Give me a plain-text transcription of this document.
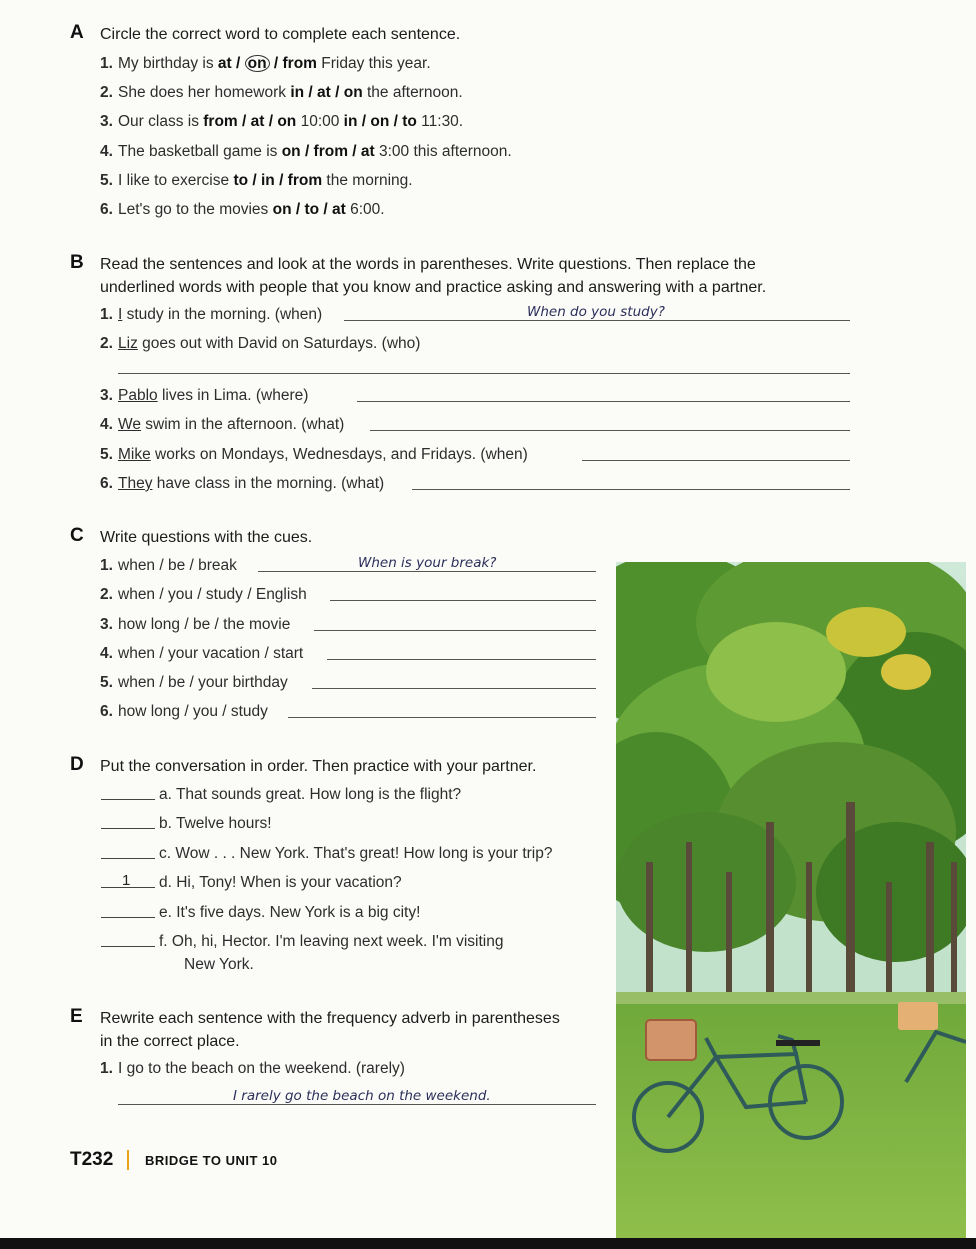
A Circle the correct word to complete each sentence.
1. My birthday is at / on / from Friday this year.
2. She does her homework in / at / on the afternoon.
3. Our class is from / at / on 10:00 in / on / to 11:30.
4. The basketball game is on / from / at 3:00 this afternoon.
5. I like to exercise to / in / from the morning.
6. Let's go to the movies on / to / at 6:00.
B Read the sentences and look at the words in parentheses. Write questions. Then replace the
underlined words with people that you know and practice asking and answering with a partner.
1. I study in the morning. (when)	When do you study?
2. Liz goes out with David on Saturdays. (who)
3. Pablo lives in Lima. (where)
4. We swim in the afternoon. (what)
5. Mike works on Mondays, Wednesdays, and Fridays. (when)
6. They have class in the morning. (what)
C Write questions with the cues.
1. when / be / break	When is your break?
2. when / you / study / English
3. how long / be / the movie
4. when / your vacation / start
5. when / be / your birthday
6. how long / you / study
D Put the conversation in order. Then practice with your partner.
a. That sounds great. How long is the flight?
b. Twelve hours!
c. Wow . . . New York. That's great! How long is your trip?
1 d. Hi, Tony! When is your vacation?
e. It's five days. New York is a big city!
f. Oh, hi, Hector. I'm leaving next week. I'm visiting
New York.
E Rewrite each sentence with the frequency adverb in parentheses
in the correct place.
1. I go to the beach on the weekend. (rarely)
I rarely go the beach on the weekend.
T232 BRIDGE TO UNIT 10
